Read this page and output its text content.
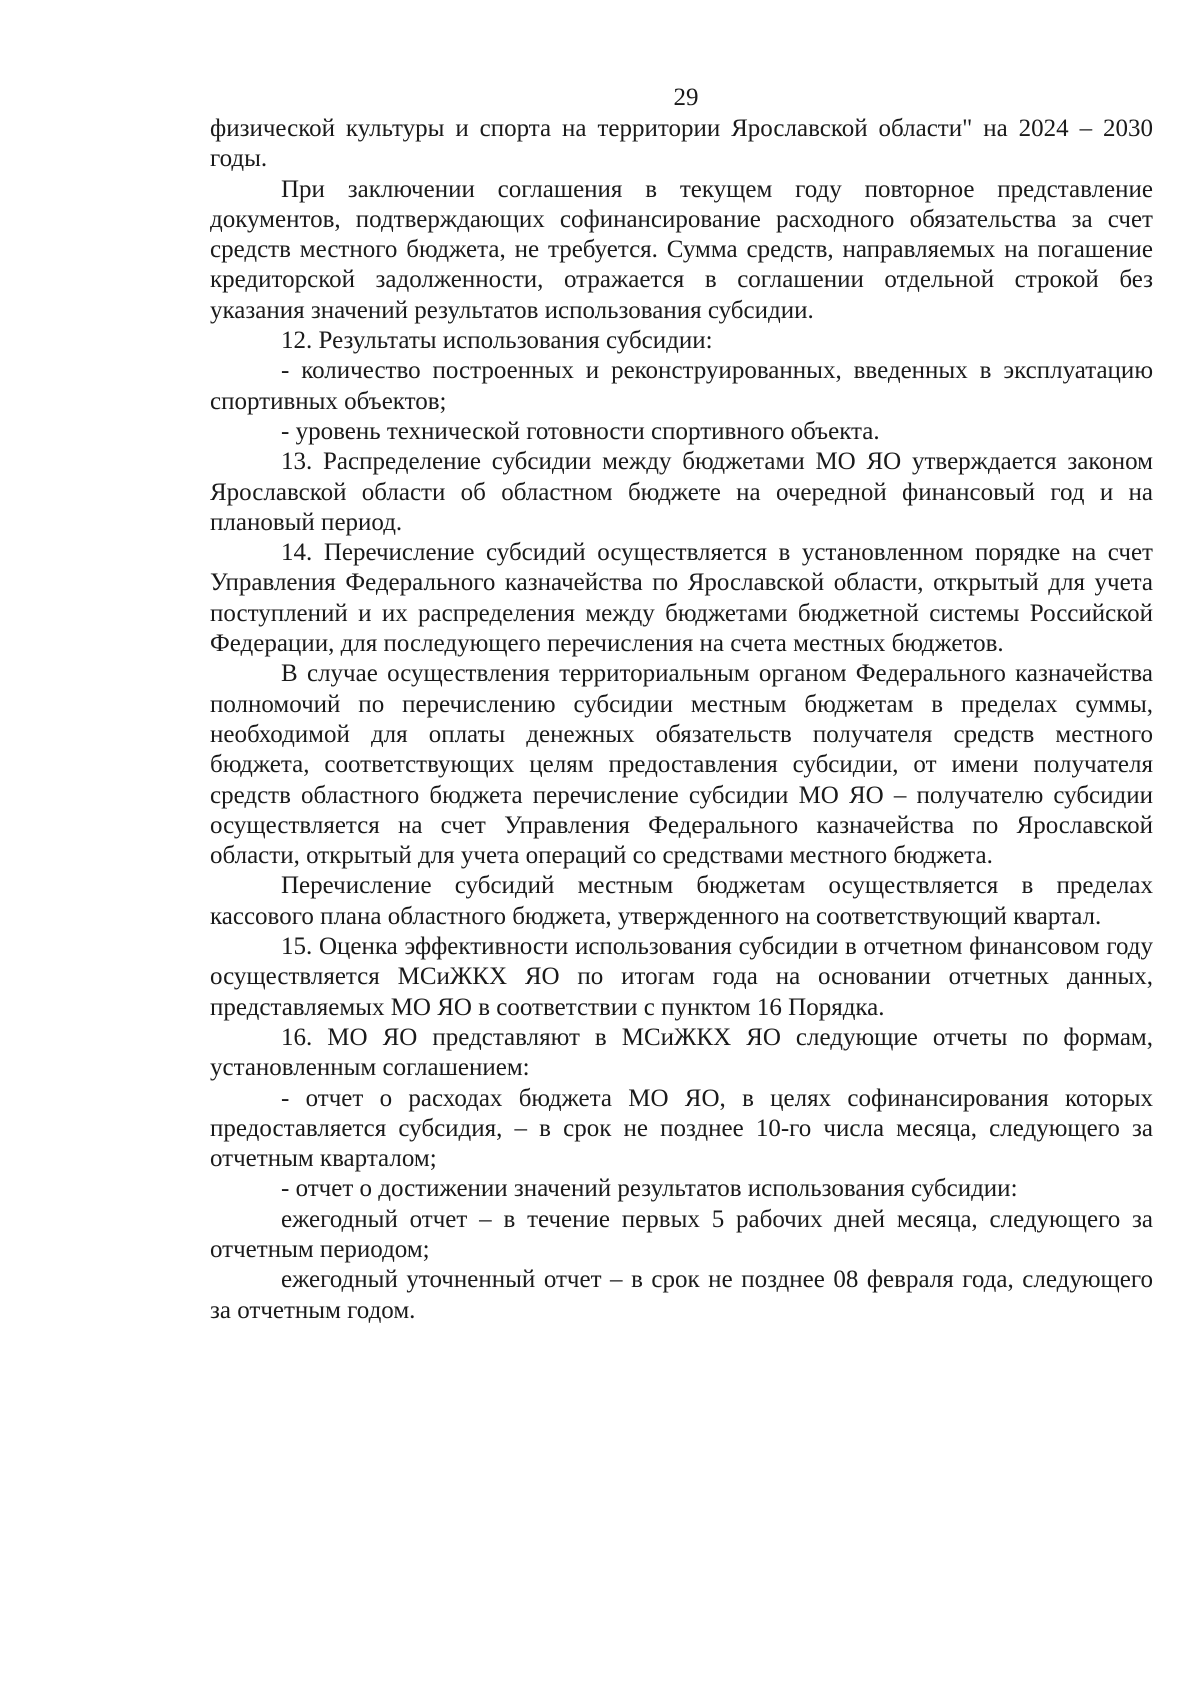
29

физической культуры и спорта на территории Ярославской области" на 2024 – 2030 годы.

При заключении соглашения в текущем году повторное представление документов, подтверждающих софинансирование расходного обязательства за счет средств местного бюджета, не требуется. Сумма средств, направляемых на погашение кредиторской задолженности, отражается в соглашении отдельной строкой без указания значений результатов использования субсидии.

12. Результаты использования субсидии:

- количество построенных и реконструированных, введенных в эксплуатацию спортивных объектов;

- уровень технической готовности спортивного объекта.

13. Распределение субсидии между бюджетами МО ЯО утверждается законом Ярославской области об областном бюджете на очередной финансовый год и на плановый период.

14. Перечисление субсидий осуществляется в установленном порядке на счет Управления Федерального казначейства по Ярославской области, открытый для учета поступлений и их распределения между бюджетами бюджетной системы Российской Федерации, для последующего перечисления на счета местных бюджетов.

В случае осуществления территориальным органом Федерального казначейства полномочий по перечислению субсидии местным бюджетам в пределах суммы, необходимой для оплаты денежных обязательств получателя средств местного бюджета, соответствующих целям предоставления субсидии, от имени получателя средств областного бюджета перечисление субсидии МО ЯО – получателю субсидии осуществляется на счет Управления Федерального казначейства по Ярославской области, открытый для учета операций со средствами местного бюджета.

Перечисление субсидий местным бюджетам осуществляется в пределах кассового плана областного бюджета, утвержденного на соответствующий квартал.

15. Оценка эффективности использования субсидии в отчетном финансовом году осуществляется МСиЖКХ ЯО по итогам года на основании отчетных данных, представляемых МО ЯО в соответствии с пунктом 16 Порядка.

16. МО ЯО представляют в МСиЖКХ ЯО следующие отчеты по формам, установленным соглашением:

- отчет о расходах бюджета МО ЯО, в целях софинансирования которых предоставляется субсидия, – в срок не позднее 10-го числа месяца, следующего за отчетным кварталом;

- отчет о достижении значений результатов использования субсидии:

ежегодный отчет – в течение первых 5 рабочих дней месяца, следующего за отчетным периодом;

ежегодный уточненный отчет – в срок не позднее 08 февраля года, следующего за отчетным годом.
